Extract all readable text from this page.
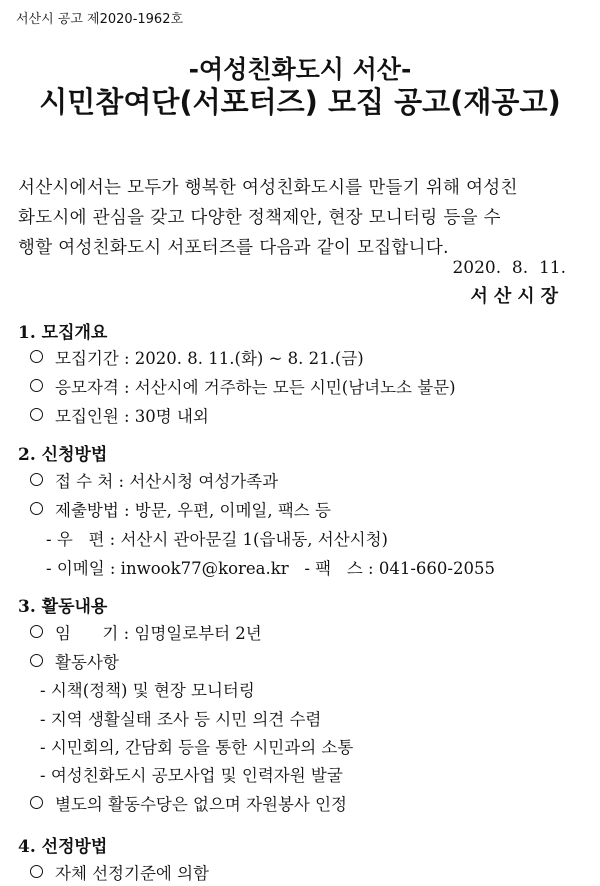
서산시 공고 제2020-1962호
-여성친화도시 서산-
시민참여단(서포터즈) 모집 공고(재공고)
서산시에서는 모두가 행복한 여성친화도시를 만들기 위해 여성친
화도시에 관심을 갖고 다양한 정책제안, 현장 모니터링 등을 수
행할 여성친화도시 서포터즈를 다음과 같이 모집합니다.
2020.  8.  11.
서산시장
1. 모집개요
모집기간 : 2020. 8. 11.(화) ~ 8. 21.(금)
응모자격 : 서산시에 거주하는 모든 시민(남녀노소 불문)
모집인원 : 30명 내외
2. 신청방법
접 수 처 : 서산시청 여성가족과
제출방법 : 방문, 우편, 이메일, 팩스 등
- 우   편 : 서산시 관아문길 1(읍내동, 서산시청)
- 이메일 : inwook77@korea.kr   - 팩   스 : 041-660-2055
3. 활동내용
임      기 : 임명일로부터 2년
활동사항
- 시책(정책) 및 현장 모니터링
- 지역 생활실태 조사 등 시민 의견 수렴
- 시민회의, 간담회 등을 통한 시민과의 소통
- 여성친화도시 공모사업 및 인력자원 발굴
별도의 활동수당은 없으며 자원봉사 인정
4. 선정방법
자체 선정기준에 의함
